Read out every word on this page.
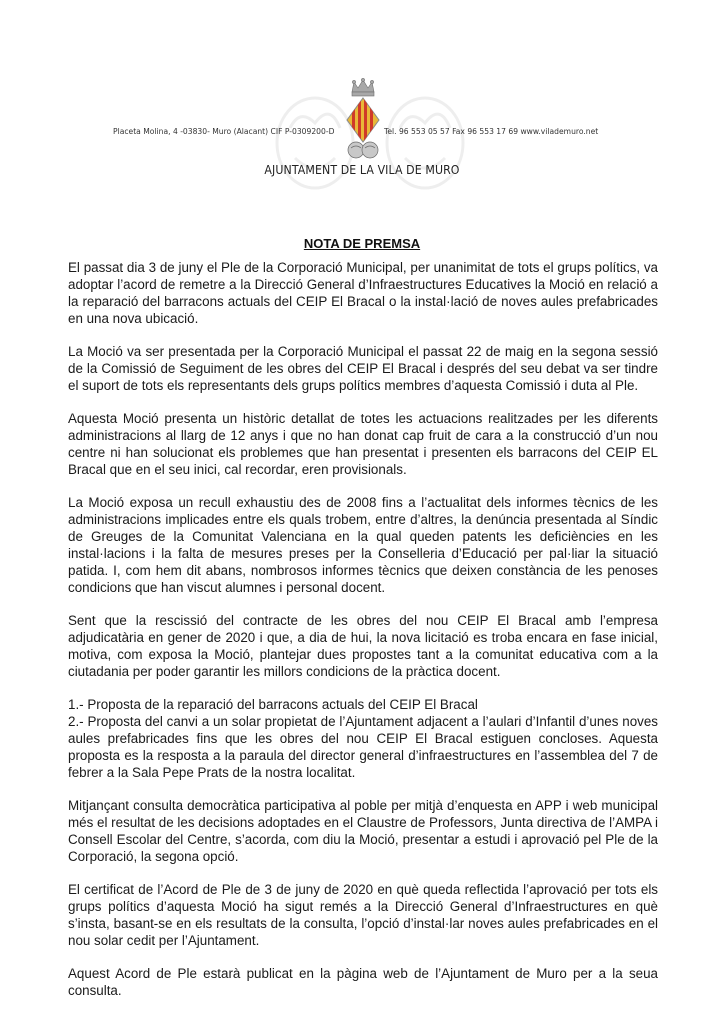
Placeta Molina, 4 -03830- Muro (Alacant) CIF P-0309200-D	Tel. 96 553 05 57 Fax 96 553 17 69 www.vilademuro.net
AJUNTAMENT DE LA VILA DE MURO
NOTA DE PREMSA

El passat dia 3 de juny el Ple de la Corporació Municipal, per unanimitat de tots el grups polítics, va adoptar l’acord de remetre a la Direcció General d’Infraestructures Educatives la Moció en relació a la reparació del barracons actuals del CEIP El Bracal o la instal·lació de noves aules prefabricades en una nova ubicació.

La Moció va ser presentada per la Corporació Municipal el passat 22 de maig en la segona sessió de la Comissió de Seguiment de les obres del CEIP El Bracal i després del seu debat va ser tindre el suport de tots els representants dels grups polítics membres d’aquesta Comissió i duta al Ple.

Aquesta Moció presenta un històric detallat de totes les actuacions realitzades per les diferents administracions al llarg de 12 anys i que no han donat cap fruit de cara a la construcció d’un nou centre ni han solucionat els problemes que han presentat i presenten els barracons del CEIP EL Bracal que en el seu inici, cal recordar, eren provisionals.

La Moció exposa un recull exhaustiu des de 2008 fins a l’actualitat dels informes tècnics de les administracions implicades entre els quals trobem, entre d’altres, la denúncia presentada al Síndic de Greuges de la Comunitat Valenciana en la qual queden patents les deficiències en les instal·lacions i la falta de mesures preses per la Conselleria d’Educació per pal·liar la situació patida. I, com hem dit abans, nombrosos informes tècnics que deixen constància de les penoses condicions que han viscut alumnes i personal docent.

Sent que la rescissió del contracte de les obres del nou CEIP El Bracal amb l’empresa adjudicatària en gener de 2020 i que, a dia de hui, la nova licitació es troba encara en fase inicial, motiva, com exposa la Moció, plantejar dues propostes tant a la comunitat educativa com a la ciutadania per poder garantir les millors condicions de la pràctica docent.

1.- Proposta de la reparació del barracons actuals del CEIP El Bracal
2.- Proposta del canvi a un solar propietat de l’Ajuntament adjacent a l’aulari d’Infantil d’unes noves aules prefabricades fins que les obres del nou CEIP El Bracal estiguen concloses. Aquesta proposta es la resposta a la paraula del director general d’infraestructures en l’assemblea del 7 de febrer a la Sala Pepe Prats de la nostra localitat.

Mitjançant consulta democràtica participativa al poble per mitjà d’enquesta en APP i web municipal més el resultat de les decisions adoptades en el Claustre de Professors, Junta directiva de l’AMPA i Consell Escolar del Centre, s’acorda, com diu la Moció, presentar a estudi i aprovació pel Ple de la Corporació, la segona opció.

El certificat de l’Acord de Ple de 3 de juny de 2020 en què queda reflectida l’aprovació per tots els grups polítics d’aquesta Moció ha sigut remés a la Direcció General d’Infraestructures en què s’insta, basant-se en els resultats de la consulta, l’opció d’instal·lar noves aules prefabricades en el nou solar cedit per l’Ajuntament.

Aquest Acord de Ple estarà publicat en la pàgina web de l’Ajuntament de Muro per a la seua consulta.
